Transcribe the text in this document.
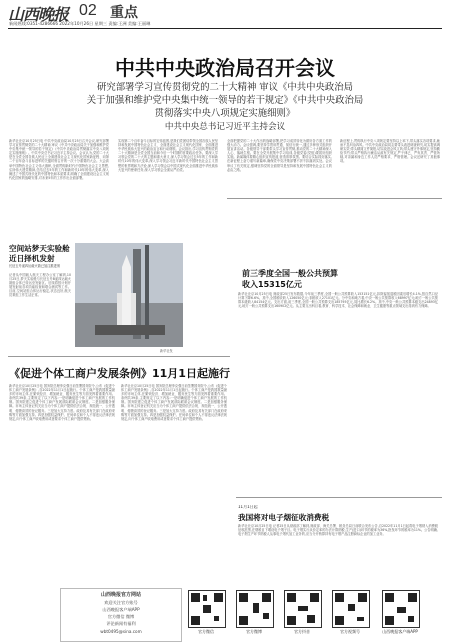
山西晚报 02 重点
新闻热线:0351-4286666 2022年10月26日 星期三 责编:王洲 美编:王丽琳
中共中央政治局召开会议
研究部署学习宣传贯彻党的二十大精神 审议《中共中央政治局
关于加强和维护党中央集中统一领导的若干规定》《中共中央政治局
贯彻落实中央八项规定实施细则》
中共中央总书记习近平主持会议
新华社北京10月25日电 中共中央政治局10月25日召开会议,研究部署学习宣传贯彻党的二十大精神,审议《中共中央政治局关于加强和维护党中央集中统一领导的若干规定》《中共中央政治局贯彻落实中央八项规定实施细则》。中共中央总书记习近平主持会议。会议认为,党的二十大是在全党全国各族人民迈上全面建设社会主义现代化国家新征程、向第二个百年奋斗目标进军的关键时刻召开的一次十分重要的大会。大会高举中国特色社会主义伟大旗帜,全面贯彻新时代中国特色社会主义思想,弘扬伟大建党精神,总结过去5年的工作和新时代10年的伟大变革,深入阐述了中国式现代化的中国特色和本质要求,明确了全面建设社会主义现代化国家的战略安排,对未来5年的工作作出全面部署。
实现第二个百年奋斗目标的宏伟蓝图,是我们党团结带领全国各族人民坚持和发展中国特色社会主义、全面建设社会主义现代化国家、全面推进中华民族伟大复兴的政治宣言和行动纲领。会议指出,学习宣传贯彻党的二十大精神是全党全国当前和今后一个时期的首要政治任务。要深入学习领会党的二十大的主题和重大意义,深入学习领会过去5年的工作和新时代10年的伟大变革,深入学习领会习近平新时代中国特色社会主义思想的世界观和方法论,深入学习领会以中国式现代化全面推进中华民族伟大复兴的使命任务,深入学习领会全面从严治党。
全面把握党的二十大作出的战略部署,把学习成效转化为做好各方面工作的强大动力。会议强调,要坚持学思用贯通、知信行统一,通过多种形式组织开展宣讲活动。各级领导干部要带头学习宣传贯彻,推动党的二十大精神深入人心、落地生根。要在全党开展集中学习培训,各级党委(党组)要抓好组织实施。新闻媒体要精心组织宣传报道,营造浓厚氛围。要结合实际抓好落实,在新征程上奋力谱写新篇章,确保党中央决策部署不折不扣落到实处。会议审议了有关规定,强调坚持党的全面领导是坚持和发展中国特色社会主义的必由之路。
新征程上,贯彻执行中央八项规定要坚持以上率下,带头落实各项要求,驰而不息纠治四风。中共中央政治局同志要带头改进调查研究,切实提高调研实效;带头精简文件简报,切实改进会风文风;带头遵守外事规定,坚持勤俭节约;带头严格执行廉洁从政有关规定,严于律己、严负其责、严管所辖,对亲属和身边工作人员严格要求、严格管理。会议还研究了其他事项。
空间站梦天实验舱
近日择机发射
长征五号遥四运载火箭已加注推进剂
记者从中国载人航天工程办公室了解到,10月25日,梦天实验舱与长征五号B遥四运载火箭组合体已转运至发射区。后续将按计划开展发射前各项功能检查和联合测试等工作。目前,空间站组合体运行稳定,状态良好,航天员乘组工作生活正常。
新华社发
前三季度全国一般公共预算
收入15315亿元
新华社北京10月25日电 财政部25日发布数据,今年前三季度,全国一般公共预算收入153151亿元,扣除留抵退税因素后增长4.1%,按自然口径计算下降6.6%。其中,全国税收收入126050亿元;非税收入27101亿元。分中央和地方看,中央一般公共预算收入68997亿元;地方一般公共预算本级收入84154亿元。支出方面,前三季度,全国一般公共预算支出185795亿元,同比增长6.2%。其中,中央一般公共预算本级支出24893亿元,地方一般公共预算支出160902亿元。从主要支出科目看,教育、科学技术、社会保障和就业、卫生健康等重点领域支出得到有力保障。
《促进个体工商户发展条例》11月1日起施行
新华社北京10月25日电 国务院总理李克强日前签署国务院令,公布《促进个体工商户发展条例》,自2022年11月1日起施行。个体工商户是我国数量最多的市场主体,在繁荣经济、增加就业、服务民生等方面发挥着重要作用。条例共39条,主要规定了以下内容:一是明确促进个体工商户发展的工作机制。国务院建立促进个体工商户发展部际联席会议制度。二是加强服务保障。市场主体登记机关应当为个体工商户提供依法合规、规范统一、公开透明、便捷高效的登记服务。三是加大支持力度。政府及其有关部门在政府采购等方面加强支持。四是加强权益保护。任何单位和个人不得违反法律法规规定,向个体工商户收取费用或者要求个体工商户提供赞助。
新华社北京10月25日电 国务院总理李克强日前签署国务院令,公布《促进个体工商户发展条例》,自2022年11月1日起施行。个体工商户是我国数量最多的市场主体,在繁荣经济、增加就业、服务民生等方面发挥着重要作用。条例共39条,主要规定了以下内容:一是明确促进个体工商户发展的工作机制。国务院建立促进个体工商户发展部际联席会议制度。二是加强服务保障。市场主体登记机关应当为个体工商户提供依法合规、规范统一、公开透明、便捷高效的登记服务。三是加大支持力度。政府及其有关部门在政府采购等方面加强支持。四是加强权益保护。任何单位和个人不得违反法律法规规定,向个体工商户收取费用或者要求个体工商户提供赞助。
11月1日起
我国将对电子烟征收消费税
新华社北京10月25日电 记者25日从财政部了解到,财政部、海关总署、税务总局日前联合发布公告,自2022年11月1日起将电子烟纳入消费税征收范围,在烟税目下增设电子烟子目。电子烟实行从价定率的办法计算纳税,生产(进口)环节的税率为36%,批发环节的税率为11%。公告明确,电子烟生产环节纳税人从事电子烟代加工业务的,应当分开核算持有电子烟产品注册商标企业的加工业务。
山西晚报官方网站
欢迎关注官方账号
山西晚报客户端APP
官方微信 微博
评论新闻有福利
wbt0495@sina.com	官方微信	官方微博	官方抖音	官方视频号	山西晚报客户端APP
